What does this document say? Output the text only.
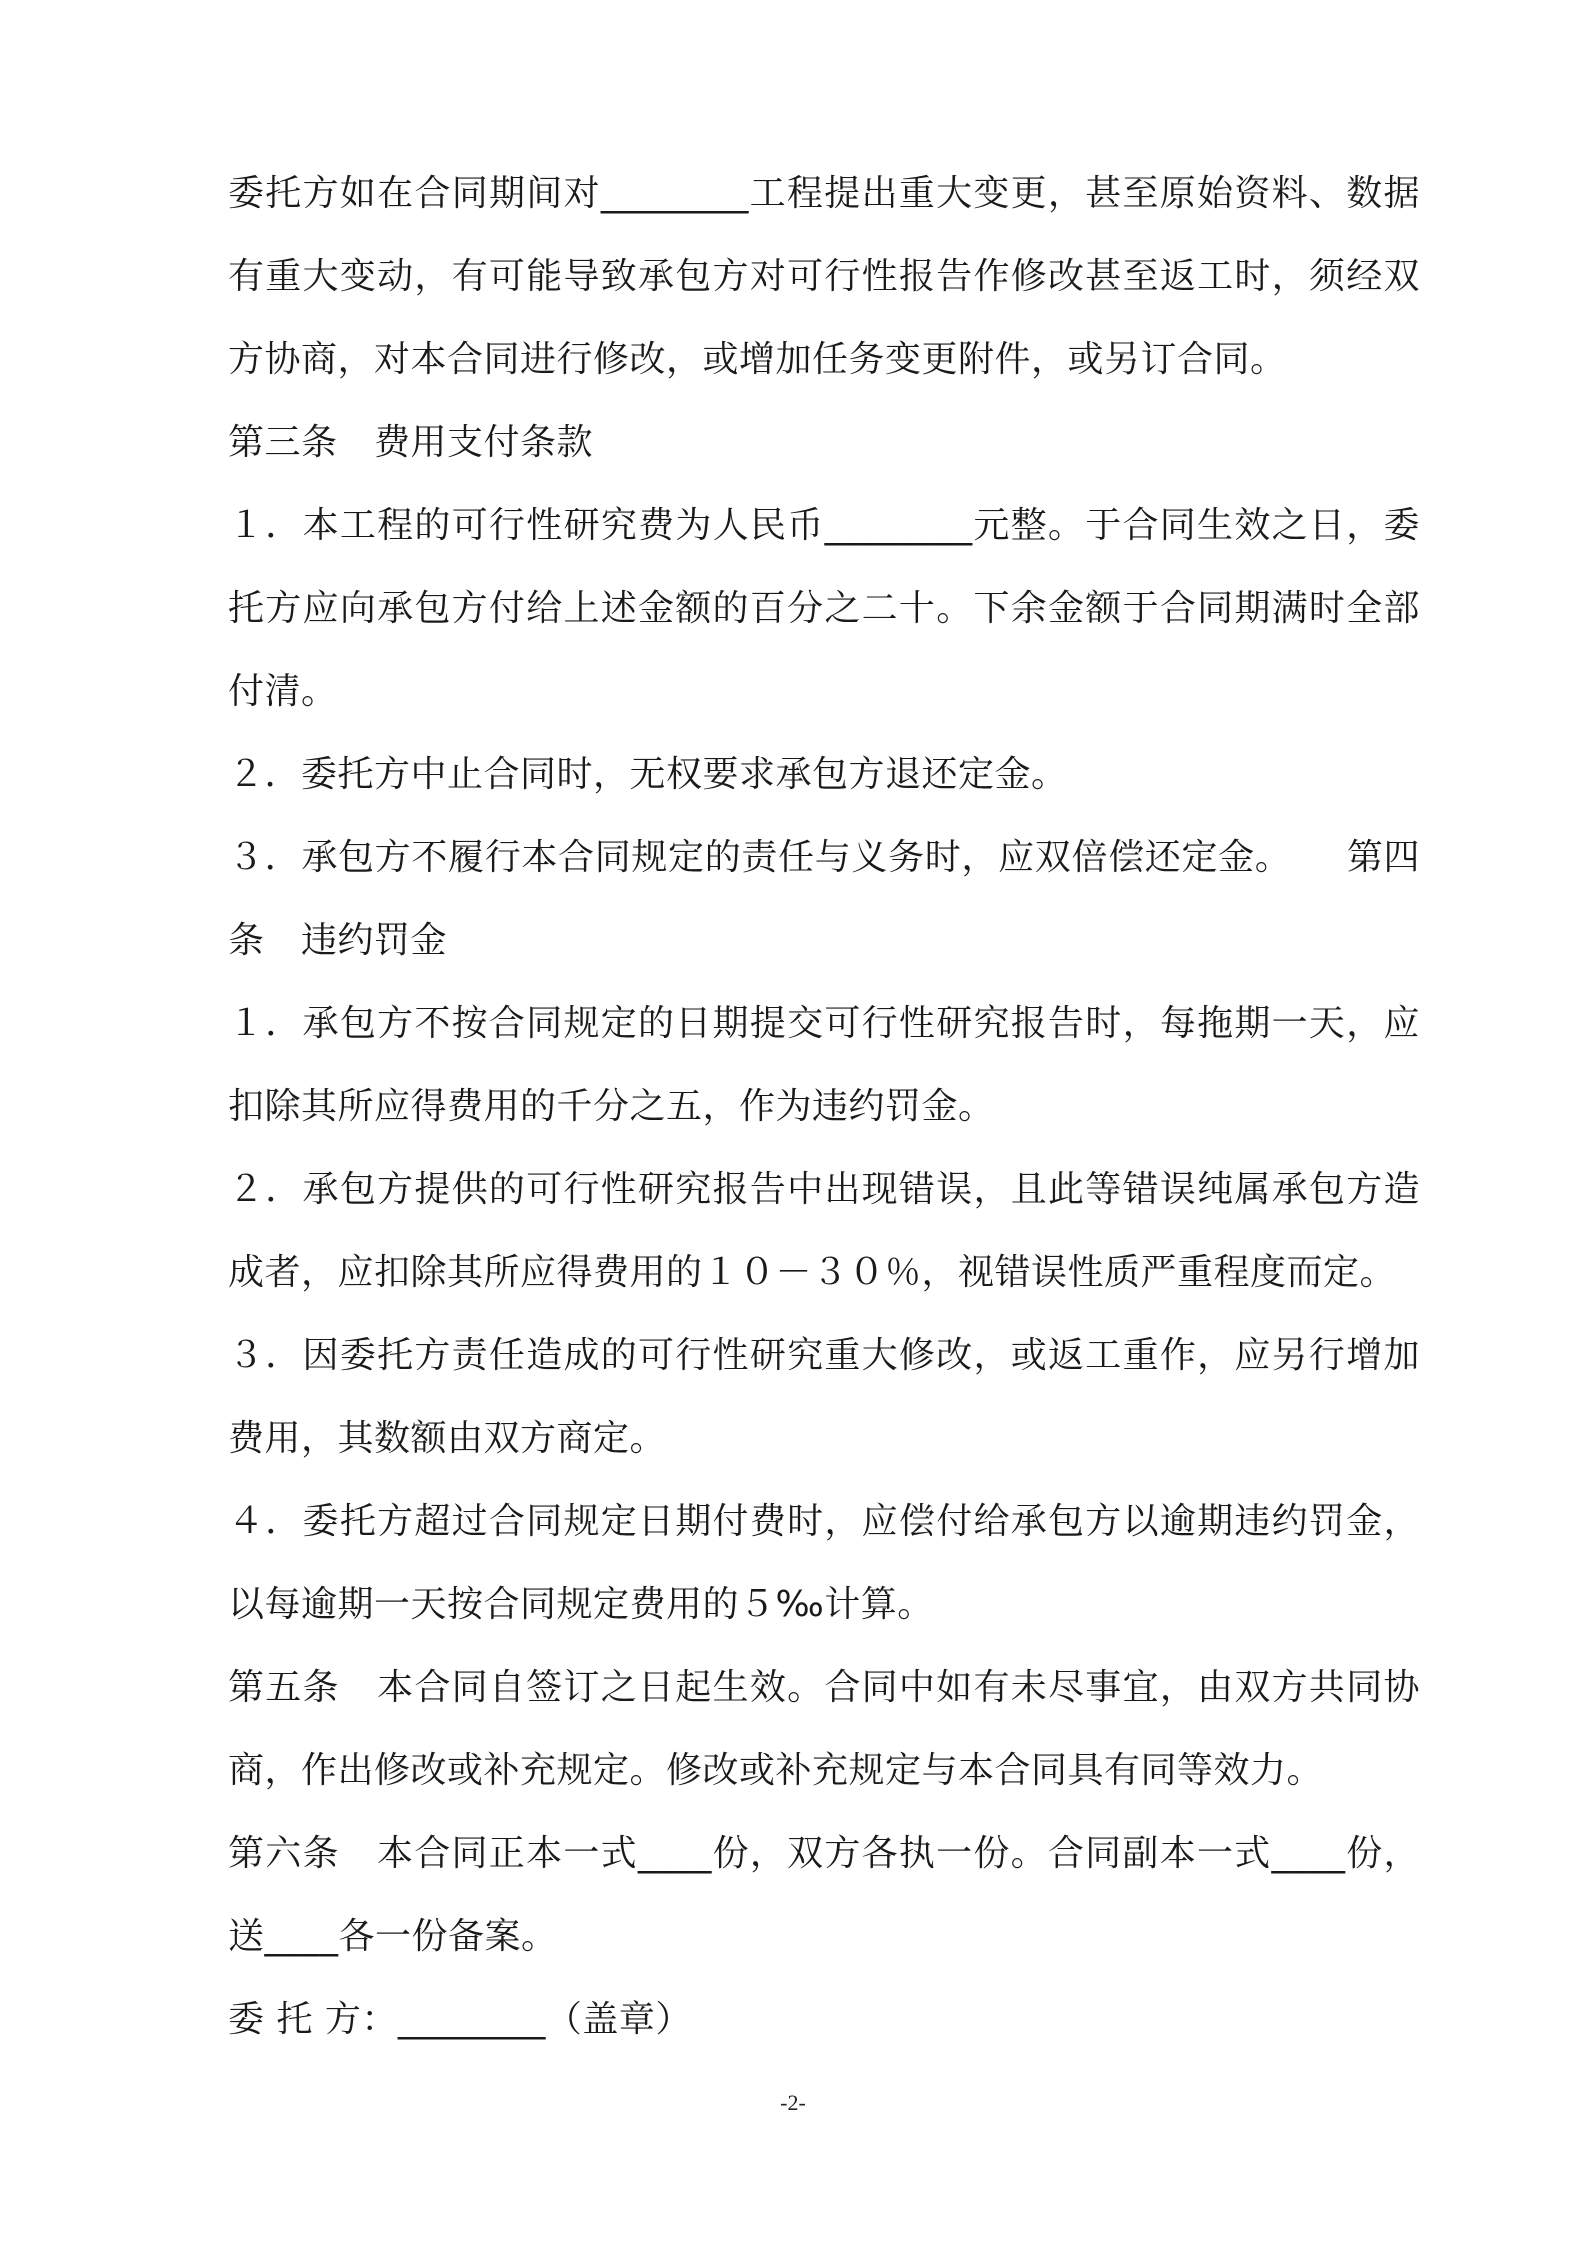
委托方如在合同期间对________工程提出重大变更，甚至原始资料、数据有重大变动，有可能导致承包方对可行性报告作修改甚至返工时，须经双方协商，对本合同进行修改，或增加任务变更附件，或另订合同。

第三条　费用支付条款

１．本工程的可行性研究费为人民币________元整。于合同生效之日，委托方应向承包方付给上述金额的百分之二十。下余金额于合同期满时全部付清。

２．委托方中止合同时，无权要求承包方退还定金。

３．承包方不履行本合同规定的责任与义务时，应双倍偿还定金。　　第四条　违约罚金

１．承包方不按合同规定的日期提交可行性研究报告时，每拖期一天，应扣除其所应得费用的千分之五，作为违约罚金。

２．承包方提供的可行性研究报告中出现错误，且此等错误纯属承包方造成者，应扣除其所应得费用的１０－３０％，视错误性质严重程度而定。

３．因委托方责任造成的可行性研究重大修改，或返工重作，应另行增加费用，其数额由双方商定。

４．委托方超过合同规定日期付费时，应偿付给承包方以逾期违约罚金，以每逾期一天按合同规定费用的５‰计算。

第五条　本合同自签订之日起生效。合同中如有未尽事宜，由双方共同协商，作出修改或补充规定。修改或补充规定与本合同具有同等效力。

第六条　本合同正本一式____份，双方各执一份。合同副本一式____份，送____各一份备案。

委 托 方：________（盖章）

-2-
